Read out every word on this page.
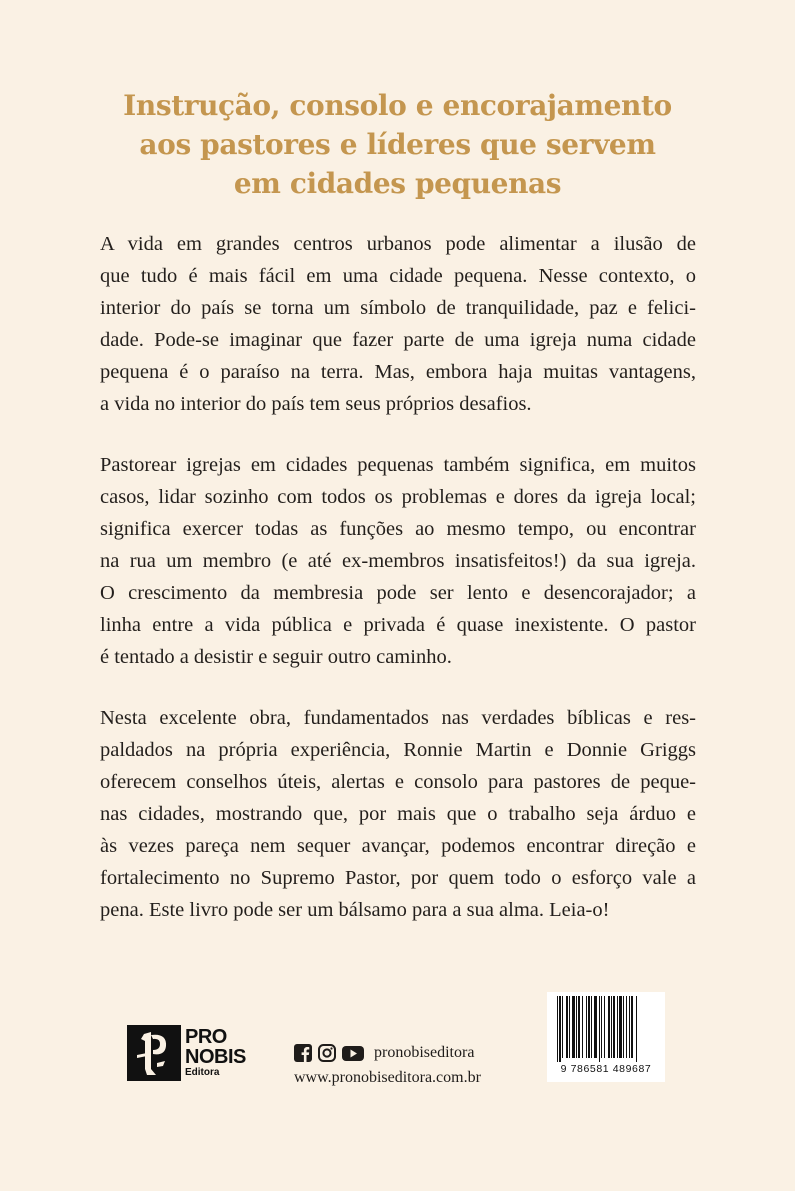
Instrução, consolo e encorajamento
aos pastores e líderes que servem
em cidades pequenas

A vida em grandes centros urbanos pode alimentar a ilusão de
que tudo é mais fácil em uma cidade pequena. Nesse contexto, o
interior do país se torna um símbolo de tranquilidade, paz e felici-
dade. Pode-se imaginar que fazer parte de uma igreja numa cidade
pequena é o paraíso na terra. Mas, embora haja muitas vantagens,
a vida no interior do país tem seus próprios desafios.

Pastorear igrejas em cidades pequenas também significa, em muitos
casos, lidar sozinho com todos os problemas e dores da igreja local;
significa exercer todas as funções ao mesmo tempo, ou encontrar
na rua um membro (e até ex-membros insatisfeitos!) da sua igreja.
O crescimento da membresia pode ser lento e desencorajador; a
linha entre a vida pública e privada é quase inexistente. O pastor
é tentado a desistir e seguir outro caminho.

Nesta excelente obra, fundamentados nas verdades bíblicas e res-
paldados na própria experiência, Ronnie Martin e Donnie Griggs
oferecem conselhos úteis, alertas e consolo para pastores de peque-
nas cidades, mostrando que, por mais que o trabalho seja árduo e
às vezes pareça nem sequer avançar, podemos encontrar direção e
fortalecimento no Supremo Pastor, por quem todo o esforço vale a
pena. Este livro pode ser um bálsamo para a sua alma. Leia-o!

PRO
NOBIS
Editora
pronobiseditora
www.pronobiseditora.com.br	9 786581 489687
